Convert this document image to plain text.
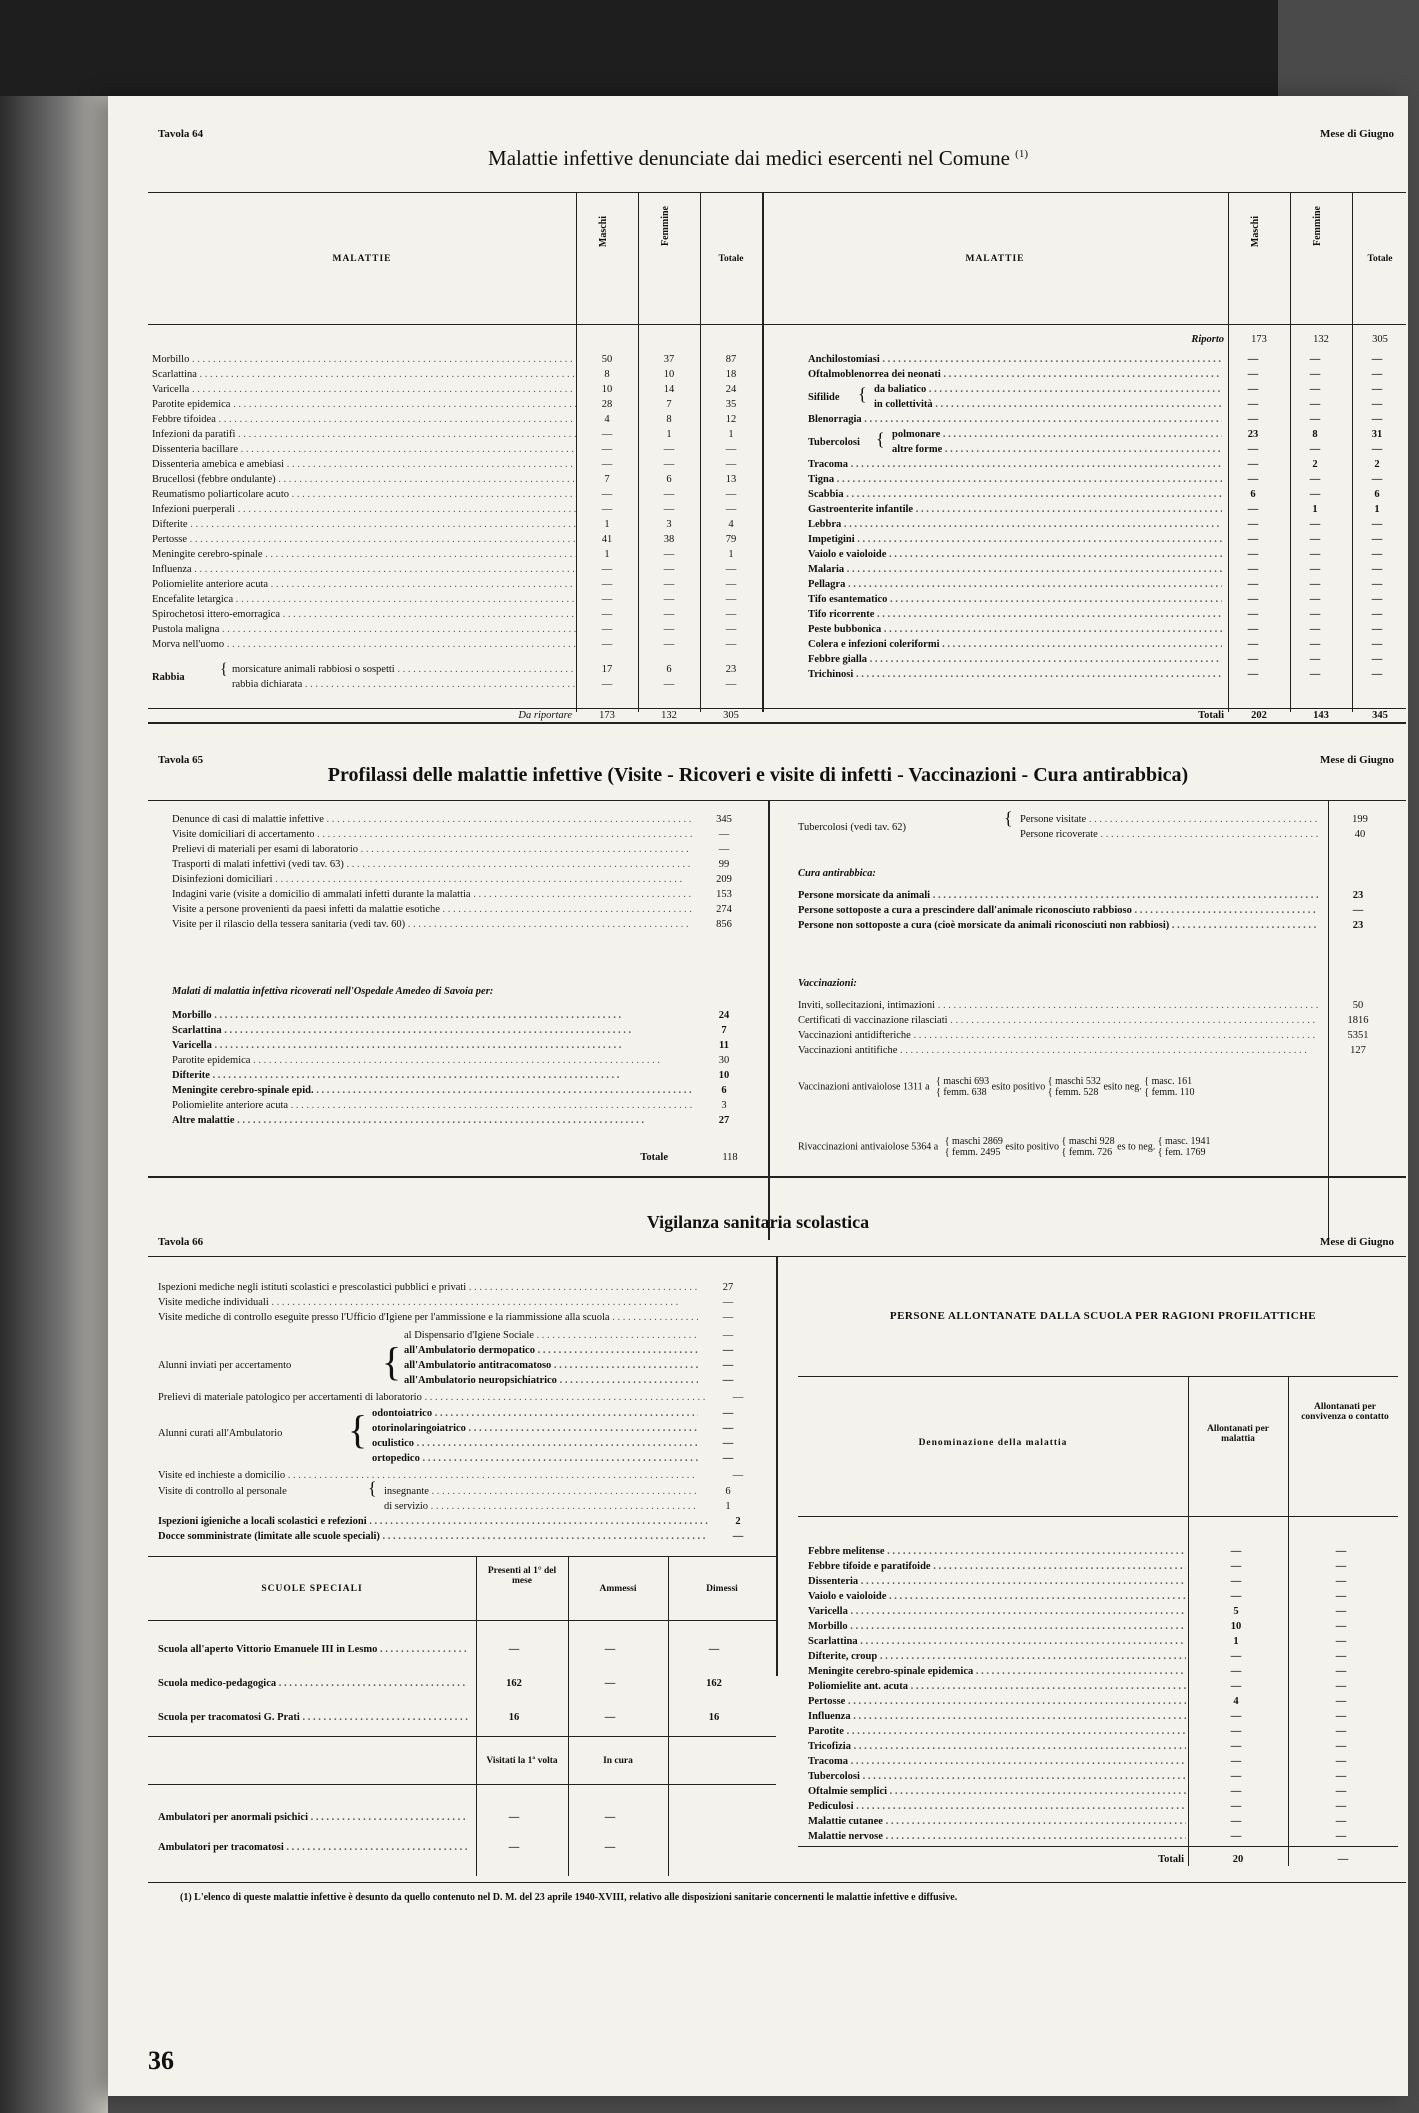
Tavola 64	Mese di Giugno
Malattie infettive denunciate dai medici esercenti nel Comune $^{(1)}$
MALATTIE
Maschi	Femmine
Totale	MALATTIE
Maschi	Femmine
Totale
Morbillo . . .	50	37	87
Scarlattina . . .	8	10	18
Varicella . . .	10	14	24
Parotite epidemica . . .	28	7	35
Febbre tifoidea . . .	4	8	12
Infezioni da paratifi . . .	—	1	1
Dissenteria bacillare . . .	—	—	—
Dissenteria amebica e amebiasi . . .	—	—	—
Brucellosi (febbre ondulante) . . .	7	6	13
Reumatismo poliarticolare acuto . . .	—	—	—
Infezioni puerperali . . .	—	—	—
Difterite . . .	1	3	4
Pertosse . . .	41	38	79
Meningite cerebro-spinale . . .	1	—	1
Influenza . . .	—	—	—
Poliomielite anteriore acuta . . .	—	—	—
Encefalite letargica . . .	—	—	—
Spirochetosi ittero-emorragica . . .	—	—	—
Pustola maligna . . .	—	—	—
Morva nell'uomo . . .	—	—	—
Rabbia { morsicature animali rabbiosi o sospetti . . .	17	6	23
rabbia dichiarata . . .	—	—	—
Da riportare	173	132	305
Riporto	173	132	305
Anchilostomiasi . . .	—	—	—
Oftalmoblenorrea dei neonati . . .	—	—	—
Sifilide { da baliatico . . .	—	—	—
in collettività . . .	—	—	—
Blenorragia . . .	—	—	—
Tubercolosi { polmonare . . .	23	8	31
altre forme . . .	—	—	—
Tracoma . . .	—	2	2
Tigna . . .	—	—	—
Scabbia . . .	6	—	6
Gastroenterite infantile . . .	—	1	1
Lebbra . . .	—	—	—
Impetigini . . .	—	—	—
Vaiolo e vaioloide . . .	—	—	—
Malaria . . .	—	—	—
Pellagra . . .	—	—	—
Tifo esantematico . . .	—	—	—
Tifo ricorrente . . .	—	—	—
Peste bubbonica . . .	—	—	—
Colera e infezioni coleriformi . . .	—	—	—
Febbre gialla . . .	—	—	—
Trichinosi . . .	—	—	—
Totali	202	143	345
Tavola 65	Mese di Giugno
Profilassi delle malattie infettive (Visite - Ricoveri e visite di infetti - Vaccinazioni - Cura antirabbica)
Denunce di casi di malattie infettive . . .	345
Visite domiciliari di accertamento . . .	—
Prelievi di materiali per esami di laboratorio . . .	—
Trasporti di malati infettivi (vedi tav. 63) . . .	99
Disinfezioni domiciliari . . .	209
Indagini varie (visite a domicilio di ammalati infetti durante la malattia . . .	153
Visite a persone provenienti da paesi infetti da malattie esotiche . . .	274
Visite per il rilascio della tessera sanitaria (vedi tav. 60) . . .	856
Malati di malattia infettiva ricoverati nell'Ospedale Amedeo di Savoia per:
Morbillo . . .	24
Scarlattina . . .	7
Varicella . . .	11
Parotite epidemica . . .	30
Difterite . . .	10
Meningite cerebro-spinale epid. . . .	6
Poliomielite anteriore acuta . . .	3
Altre malattie . . .	27
Totale	118
Tubercolosi (vedi tav. 62)	{ Persone visitate . . .	199
Persone ricoverate . . .	40
Cura antirabbica:
Persone morsicate da animali . . .	23
Persone sottoposte a cura a prescindere dall'animale riconosciuto rabbioso . . .	—
Persone non sottoposte a cura (cioè morsicate da animali riconosciuti non rabbiosi) . . .	23
Vaccinazioni:
Inviti, sollecitazioni, intimazioni . . .	50
Certificati di vaccinazione rilasciati . . .	1816
Vaccinazioni antidifteriche . . .	5351
Vaccinazioni antitifiche . . .	127
Vaccinazioni antivaiolose 1311 a { maschi 693
{ femm. 638 esito positivo { maschi 532
{ femm. 528 esito neg. { masc. 161
{ femm. 110
Rivaccinazioni antivaiolose 5364 a { maschi 2869
{ femm. 2495 esito positivo { maschi 928
{ femm. 726 es to neg. { masc. 1941
{ fem. 1769
Vigilanza sanitaria scolastica
Tavola 66	Mese di Giugno
Ispezioni mediche negli istituti scolastici e prescolastici pubblici e privati . . .	27
Visite mediche individuali . . .	—
Visite mediche di controllo eseguite presso l'Ufficio d'Igiene per l'ammissione e la riammissione alla scuola . . .	—
Alunni inviati per accertamento {
al Dispensario d'Igiene Sociale . . .	—
all'Ambulatorio dermopatico . . .	—
all'Ambulatorio antitracomatoso . . .	—
all'Ambulatorio neuropsichiatrico . . .	—
Prelievi di materiale patologico per accertamenti di laboratorio . . .	—
Alunni curati all'Ambulatorio { odontoiatrico . . .	—
otorinolaringoiatrico . . .	—
oculistico . . .	—
ortopedico . . .	—
Visite ed inchieste a domicilio . . .	—
Visite di controllo al personale	{ insegnante . . .	6
di servizio . . .	1
Ispezioni igieniche a locali scolastici e refezioni . . .	2
Docce somministrate (limitate alle scuole speciali) . . .	—
SCUOLE SPECIALI
Presenti al 1° del mese
Ammessi	Dimessi
Scuola all'aperto Vittorio Emanuele III in Lesmo . . .	—	—	—
Scuola medico-pedagogica . . .	162	—	162
Scuola per tracomatosi G. Prati . . .	16	—	16
Visitati la 1ª volta	In cura
Ambulatori per anormali psichici . . .	—	—
Ambulatori per tracomatosi . . .	—	—
PERSONE ALLONTANATE DALLA SCUOLA PER RAGIONI PROFILATTICHE
Denominazione della malattia
Allontanati per malattia
Allontanati per convivenza o contatto
Febbre melitense . . .	—	—
Febbre tifoide e paratifoide . . .	—	—
Dissenteria . . .	—	—
Vaiolo e vaioloide . . .	—	—
Varicella . . .	5	—
Morbillo . . .	10	—
Scarlattina . . .	1	—
Difterite, croup . . .	—	—
Meningite cerebro-spinale epidemica . . .	—	—
Poliomielite ant. acuta . . .	—	—
Pertosse . . .	4	—
Influenza . . .	—	—
Parotite . . .	—	—
Tricofizia . . .	—	—
Tracoma . . .	—	—
Tubercolosi . . .	—	—
Oftalmie semplici . . .	—	—
Pediculosi . . .	—	—
Malattie cutanee . . .	—	—
Malattie nervose . . .	—	—
Totali	20	—
(1) L'elenco di queste malattie infettive è desunto da quello contenuto nel D. M. del 23 aprile 1940-XVIII, relativo alle disposizioni sanitarie concernenti le malattie infettive e diffusive.
36
